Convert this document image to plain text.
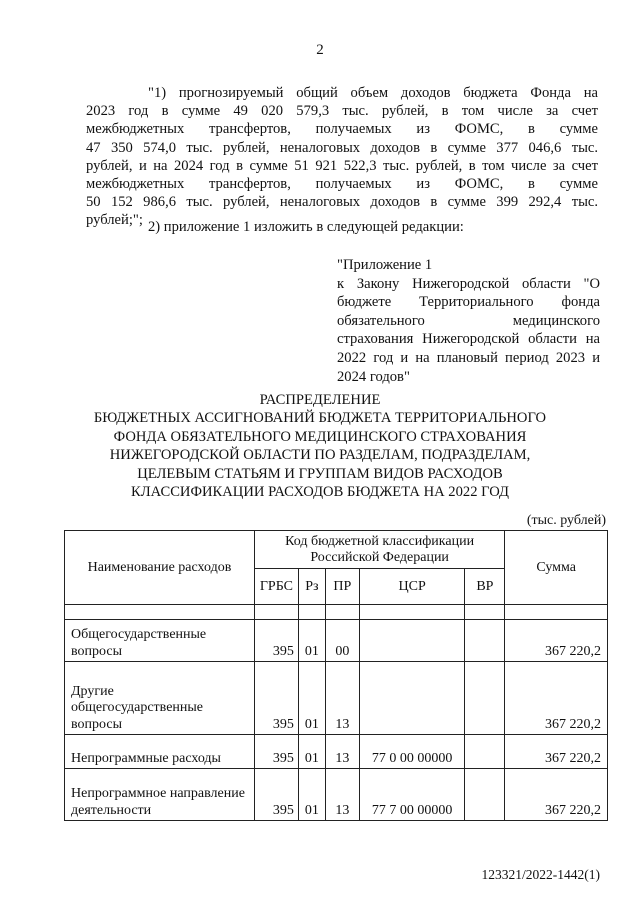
2
"1) прогнозируемый общий объем доходов бюджета Фонда на
2023 год в сумме 49 020 579,3 тыс. рублей, в том числе за счет
межбюджетных трансфертов, получаемых из ФОМС, в сумме
47 350 574,0 тыс. рублей, неналоговых доходов в сумме 377 046,6 тыс.
рублей, и на 2024 год в сумме 51 921 522,3 тыс. рублей, в том числе за счет
межбюджетных трансфертов, получаемых из ФОМС, в сумме
50 152 986,6 тыс. рублей, неналоговых доходов в сумме 399 292,4 тыс.
рублей;"; 2) приложение 1 изложить в следующей редакции:
"Приложение 1
к Закону Нижегородской области "О
бюджете Территориального фонда
обязательного медицинского
страхования Нижегородской области на
2022 год и на плановый период 2023 и
2024 годов"
РАСПРЕДЕЛЕНИЕ
БЮДЖЕТНЫХ АССИГНОВАНИЙ БЮДЖЕТА ТЕРРИТОРИАЛЬНОГО
ФОНДА ОБЯЗАТЕЛЬНОГО МЕДИЦИНСКОГО СТРАХОВАНИЯ
НИЖЕГОРОДСКОЙ ОБЛАСТИ ПО РАЗДЕЛАМ, ПОДРАЗДЕЛАМ,
ЦЕЛЕВЫМ СТАТЬЯМ И ГРУППАМ ВИДОВ РАСХОДОВ
КЛАССИФИКАЦИИ РАСХОДОВ БЮДЖЕТА НА 2022 ГОД
(тыс. рублей)
Наименование расходов	Код бюджетной классификации Российской Федерации					Сумма
	ГРБС	Рз	ПР	ЦСР	ВР	

Общегосударственные вопросы	395	01	00			367 220,2
Другие общегосударственные вопросы	395	01	13			367 220,2
Непрограммные расходы	395	01	13	77 0 00 00000		367 220,2
Непрограммное направление деятельности	395	01	13	77 7 00 00000		367 220,2
123321/2022-1442(1)
